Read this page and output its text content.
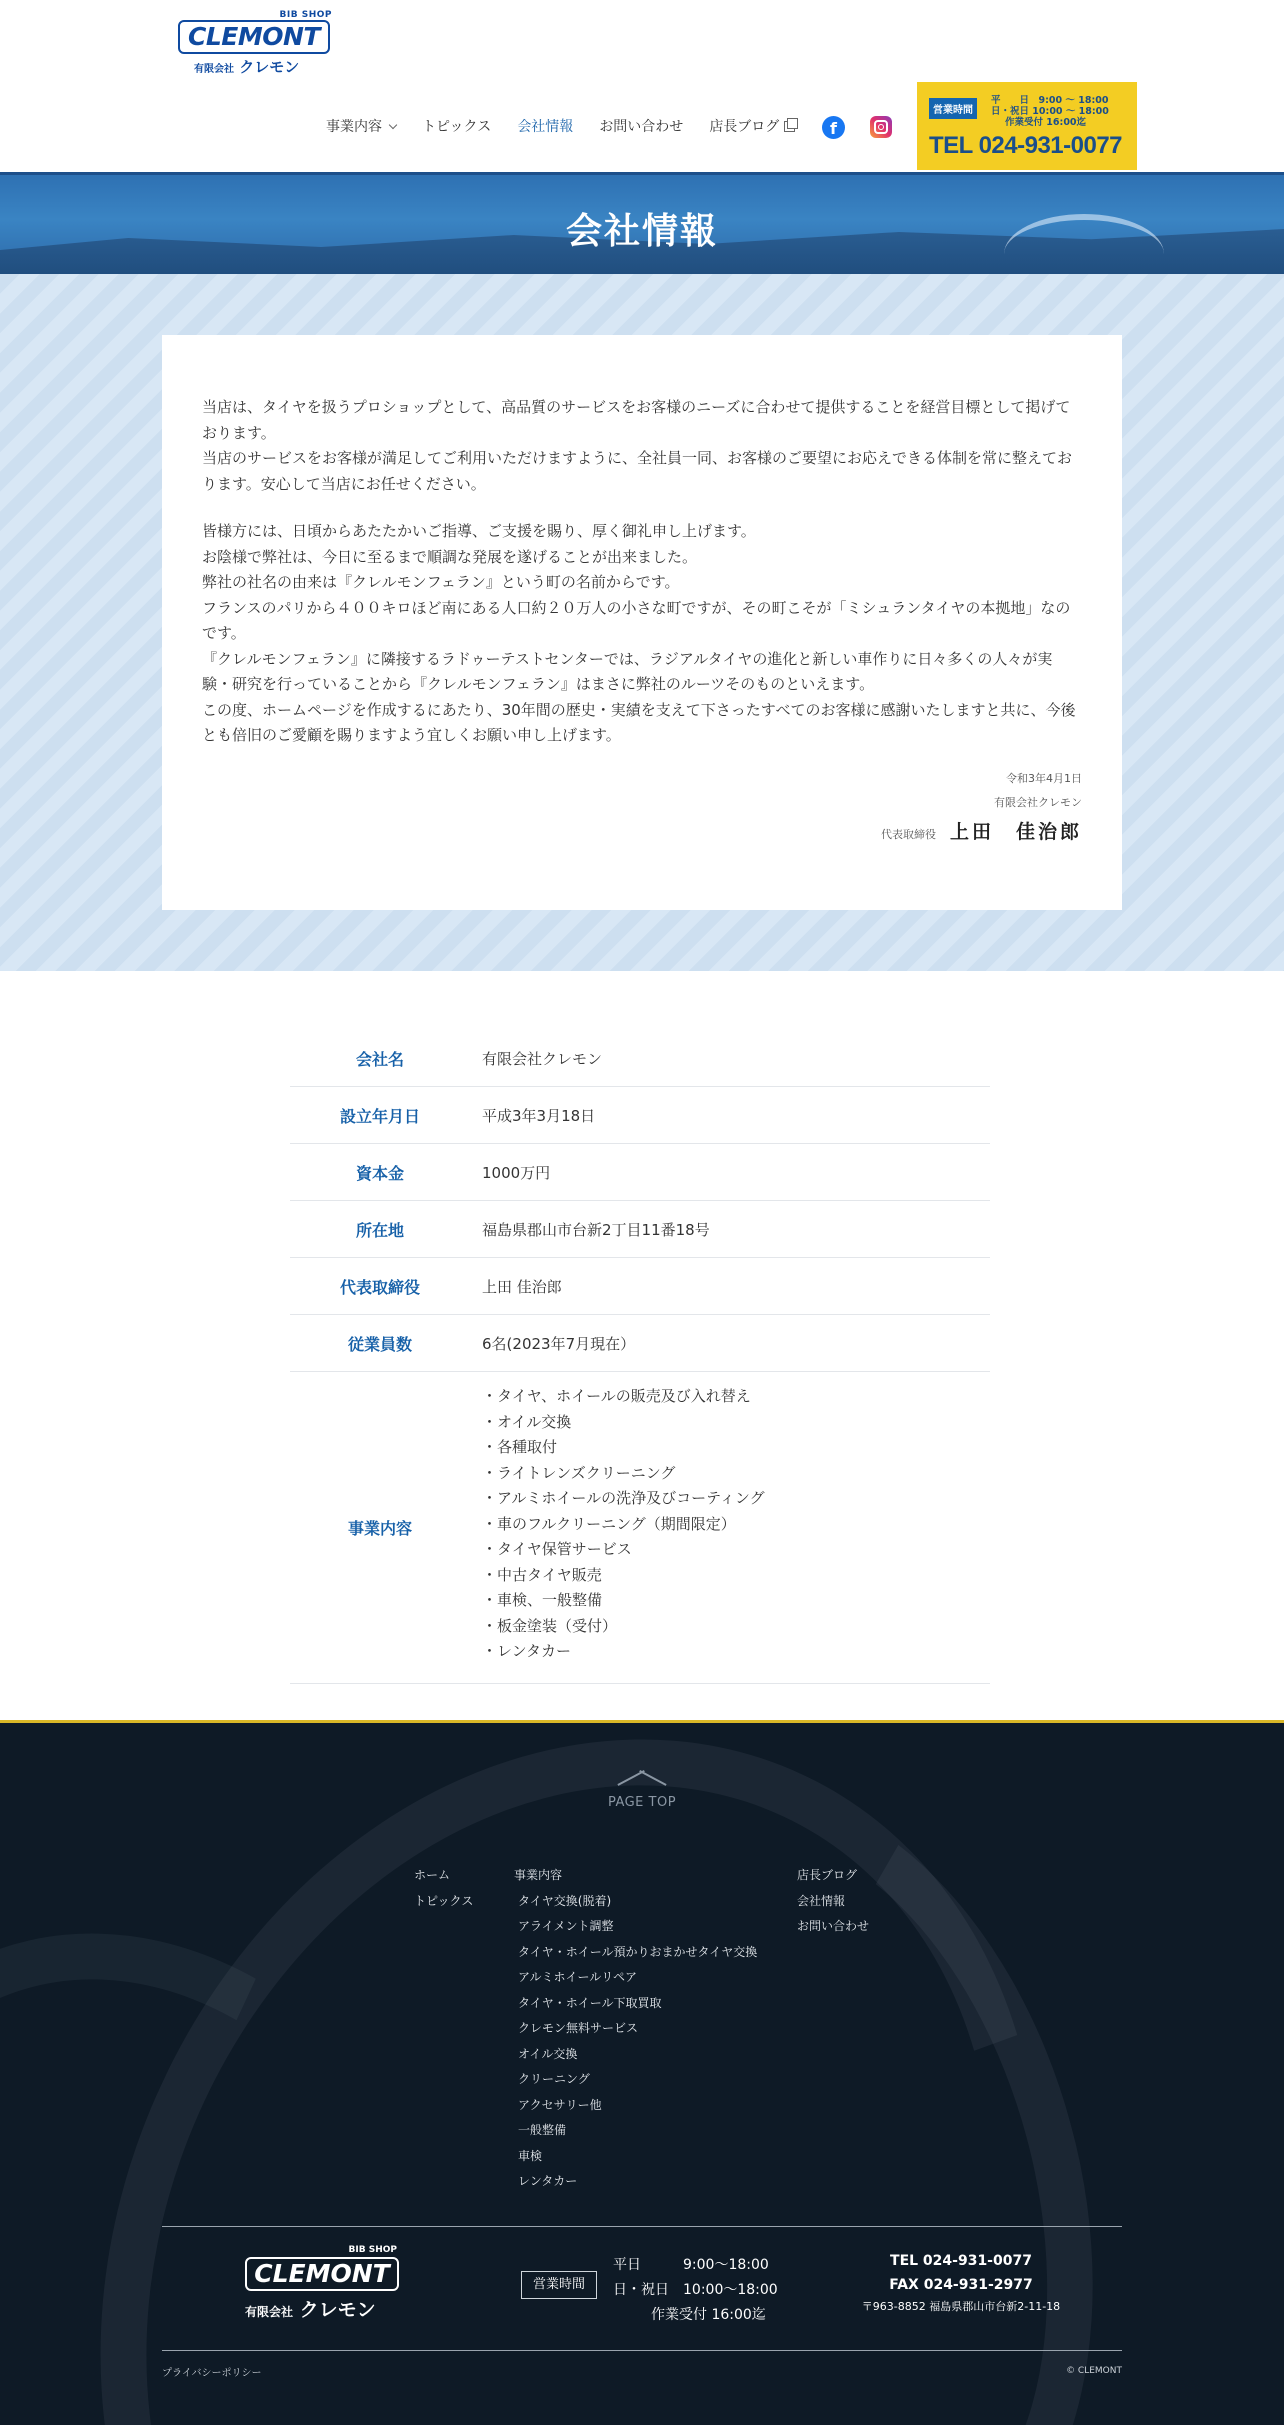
BIB SHOP
CLEMONT
有限会社 クレモン
事業内容	トピックス 会社情報 お問い合わせ 店長ブログ	f
営業時間
平　　日　9:00 〜 18:00
日・祝日 10:00 〜 18:00
作業受付 16:00迄
TEL 024-931-0077
会社情報

当店は、タイヤを扱うプロショップとして、高品質のサービスをお客様のニーズに合わせて提供することを経営目標として掲げております。

当店のサービスをお客様が満足してご利用いただけますように、全社員一同、お客様のご要望にお応えできる体制を常に整えております。安心して当店にお任せください。

皆様方には、日頃からあたたかいご指導、ご支援を賜り、厚く御礼申し上げます。

お陰様で弊社は、今日に至るまで順調な発展を遂げることが出来ました。

弊社の社名の由来は『クレルモンフェラン』という町の名前からです。

フランスのパリから４００キロほど南にある人口約２０万人の小さな町ですが、その町こそが「ミシュランタイヤの本拠地」なのです。

『クレルモンフェラン』に隣接するラドゥーテストセンターでは、ラジアルタイヤの進化と新しい車作りに日々多くの人々が実験・研究を行っていることから『クレルモンフェラン』はまさに弊社のルーツそのものといえます。

この度、ホームページを作成するにあたり、30年間の歴史・実績を支えて下さったすべてのお客様に感謝いたしますと共に、今後とも倍旧のご愛顧を賜りますよう宜しくお願い申し上げます。

令和3年4月1日
有限会社クレモン
代表取締役 上田　佳治郎
会社名	有限会社クレモン
設立年月日	平成3年3月18日
資本金	1000万円
所在地	福島県郡山市台新2丁目11番18号
代表取締役	上田 佳治郎
従業員数	6名(2023年7月現在）
事業内容
・タイヤ、ホイールの販売及び入れ替え
・オイル交換
・各種取付
・ライトレンズクリーニング
・アルミホイールの洗浄及びコーティング
・車のフルクリーニング（期間限定）
・タイヤ保管サービス
・中古タイヤ販売
・車検、一般整備
・板金塗装（受付）
・レンタカー
PAGE TOP
ホーム
トピックス
事業内容
タイヤ交換(脱着)
アライメント調整
タイヤ・ホイール預かりおまかせタイヤ交換
アルミホイールリペア
タイヤ・ホイール下取買取
クレモン無料サービス
オイル交換
クリーニング
アクセサリー他
一般整備
車検
レンタカー
店長ブログ
会社情報
お問い合わせ
BIB SHOP
CLEMONT
有限会社 クレモン
営業時間
平日	9:00〜18:00
日・祝日 10:00〜18:00
作業受付 16:00迄
TEL 024-931-0077
FAX 024-931-2977
〒963-8852 福島県郡山市台新2-11-18
プライバシーポリシー	© CLEMONT
